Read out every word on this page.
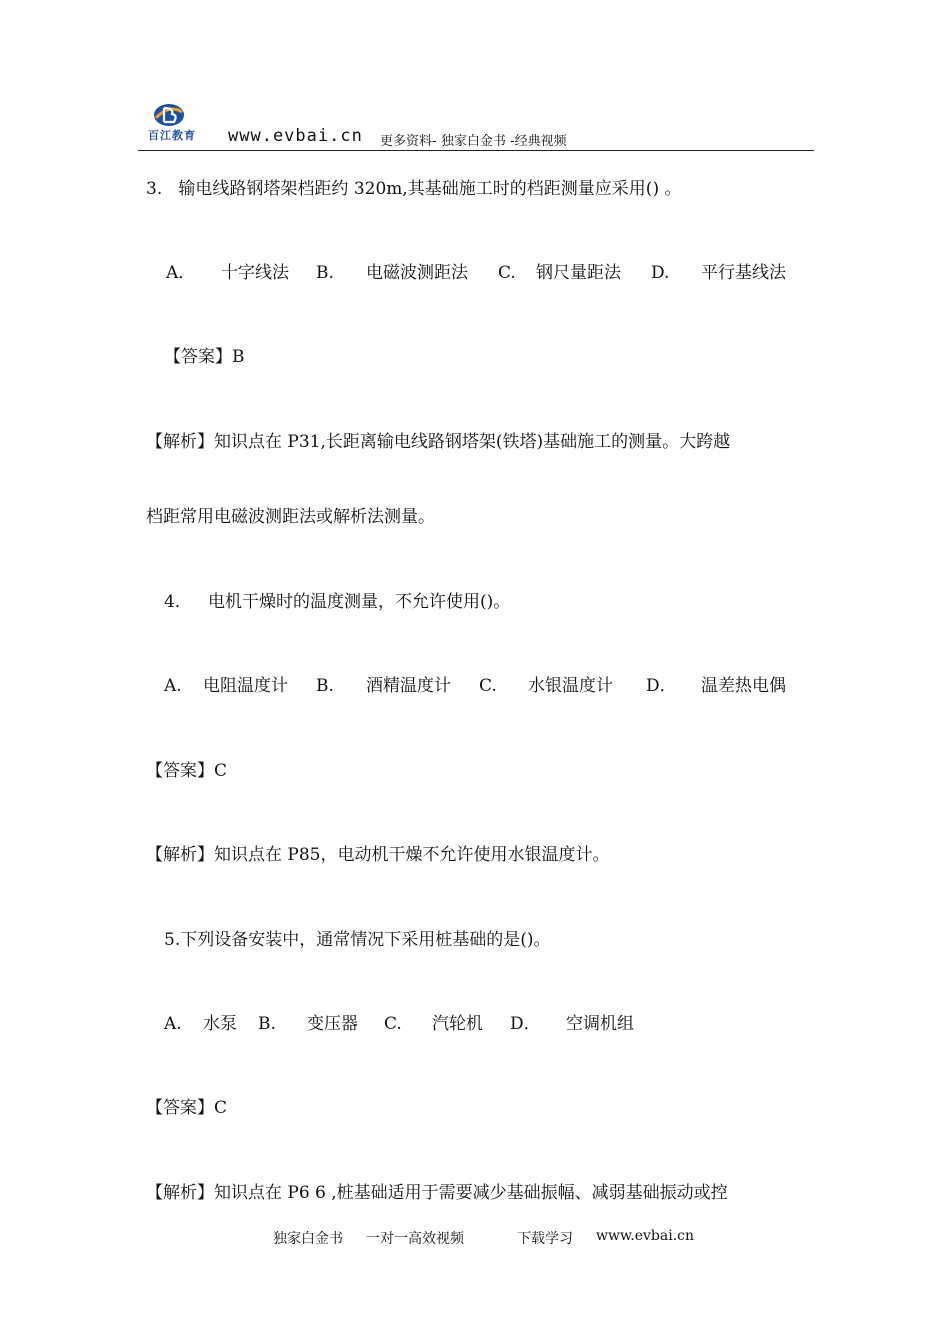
百江教育	www.evbai.cn 更多资料- 独家白金书 -经典视频
3.   输电线路钢塔架档距约 320m,其基础施工时的档距测量应采用() 。
A． 十字线法 B. 电磁波测距法 C. 钢尺量距法 D. 平行基线法
【答案】B
【解析】知识点在 P31,长距离输电线路钢塔架(铁塔)基础施工的测量。大跨越
档距常用电磁波测距法或解析法测量。
4．   电机干燥时的温度测量，不允许使用()。
A. 电阻温度计 B. 酒精温度计 C. 水银温度计 D． 温差热电偶
【答案】C
【解析】知识点在 P85，电动机干燥不允许使用水银温度计。
5.下列设备安装中，通常情况下采用桩基础的是()。
A. 水泵 B. 变压器 C. 汽轮机 D． 空调机组
【答案】C
【解析】知识点在 P6 6 ,桩基础适用于需要减少基础振幅、减弱基础振动或控
独家白金书 一对一高效视频	下载学习 www.evbai.cn
